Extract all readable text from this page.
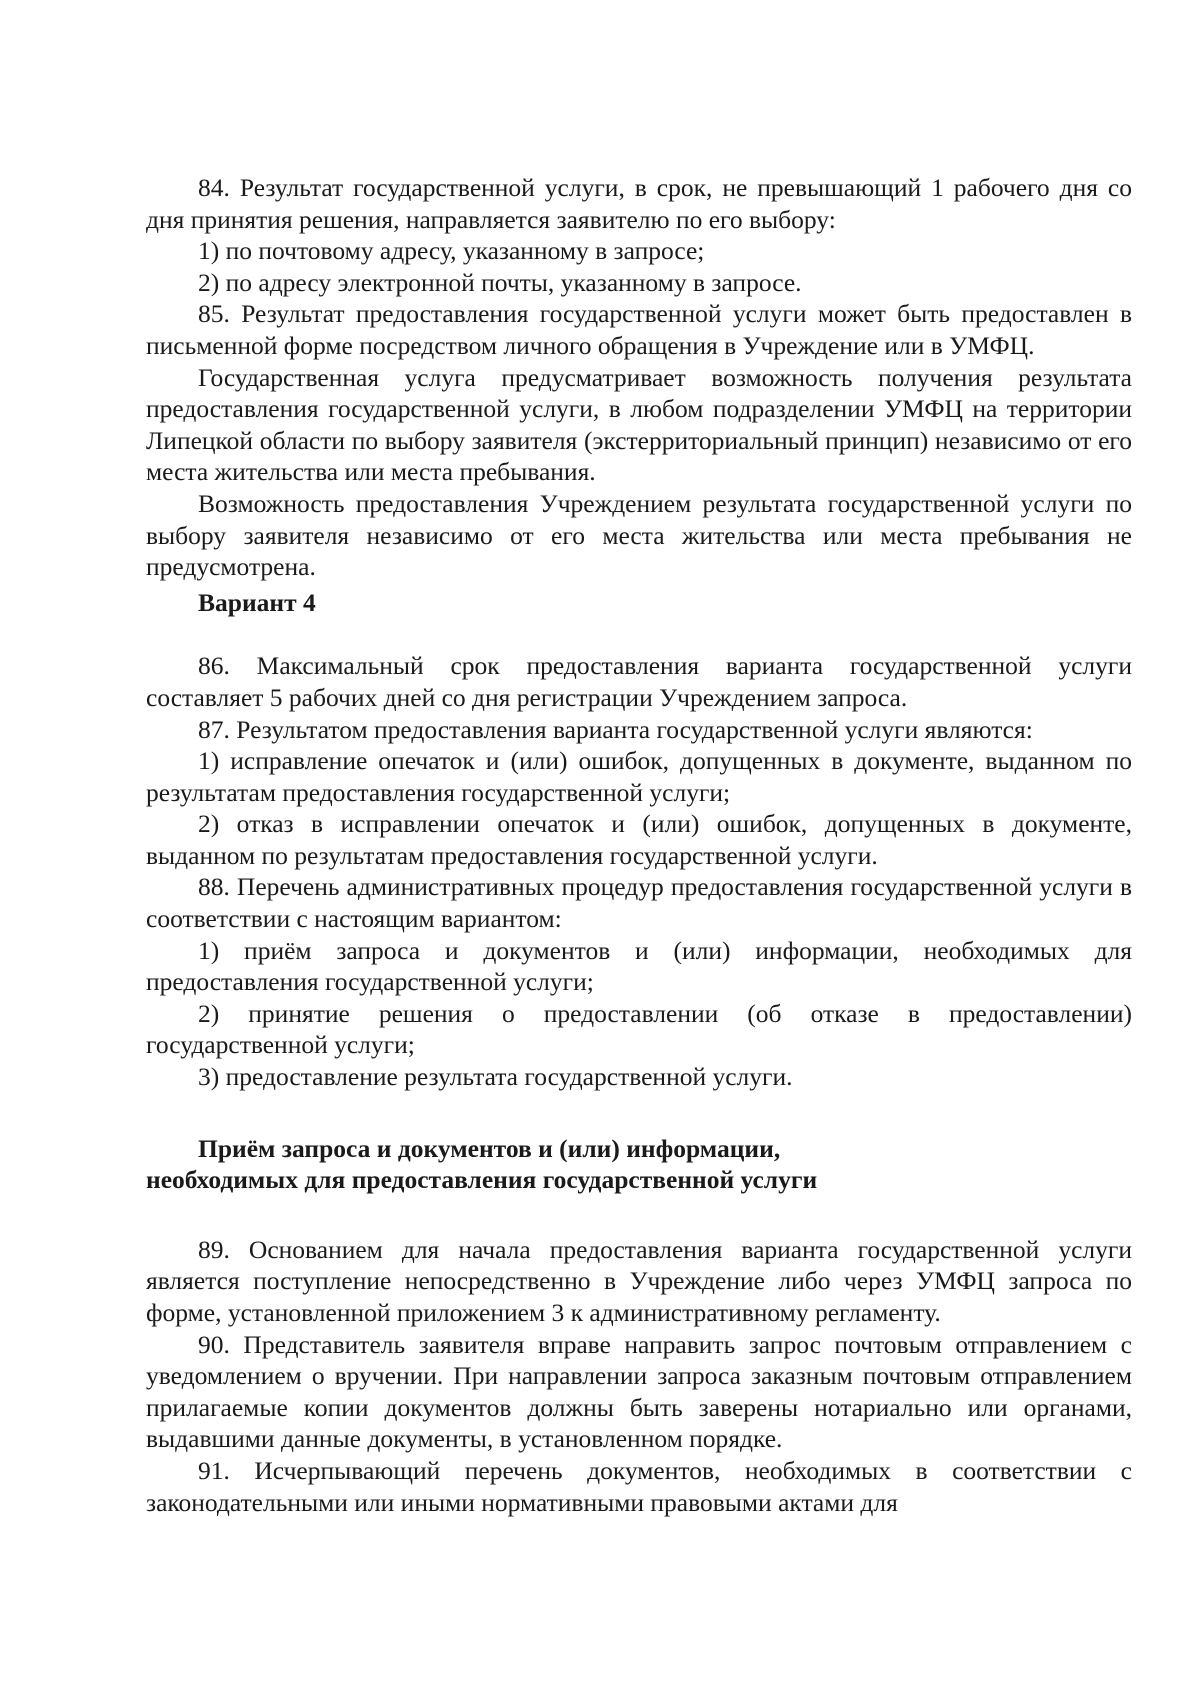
84. Результат государственной услуги, в срок, не превышающий 1 рабочего дня со дня принятия решения, направляется заявителю по его выбору:

1) по почтовому адресу, указанному в запросе;

2) по адресу электронной почты, указанному в запросе.

85. Результат предоставления государственной услуги может быть предоставлен в письменной форме посредством личного обращения в Учреждение или в УМФЦ.

Государственная услуга предусматривает возможность получения результата предоставления государственной услуги, в любом подразделении УМФЦ на территории Липецкой области по выбору заявителя (экстерриториальный принцип) независимо от его места жительства или места пребывания.

Возможность предоставления Учреждением результата государственной услуги по выбору заявителя независимо от его места жительства или места пребывания не предусмотрена.

Вариант 4

86. Максимальный срок предоставления варианта государственной услуги составляет 5 рабочих дней со дня регистрации Учреждением запроса.

87. Результатом предоставления варианта государственной услуги являются:

1) исправление опечаток и (или) ошибок, допущенных в документе, выданном по результатам предоставления государственной услуги;

2) отказ в исправлении опечаток и (или) ошибок, допущенных в документе, выданном по результатам предоставления государственной услуги.

88. Перечень административных процедур предоставления государственной услуги в соответствии с настоящим вариантом:

1) приём запроса и документов и (или) информации, необходимых для предоставления государственной услуги;

2) принятие решения о предоставлении (об отказе в предоставлении) государственной услуги;

3) предоставление результата государственной услуги.

Приём запроса и документов и (или) информации,
необходимых для предоставления государственной услуги

89. Основанием для начала предоставления варианта государственной услуги является поступление непосредственно в Учреждение либо через УМФЦ запроса по форме, установленной приложением 3 к административному регламенту.

90. Представитель заявителя вправе направить запрос почтовым отправлением с уведомлением о вручении. При направлении запроса заказным почтовым отправлением прилагаемые копии документов должны быть заверены нотариально или органами, выдавшими данные документы, в установленном порядке.

91. Исчерпывающий перечень документов, необходимых в соответствии с законодательными или иными нормативными правовыми актами для
